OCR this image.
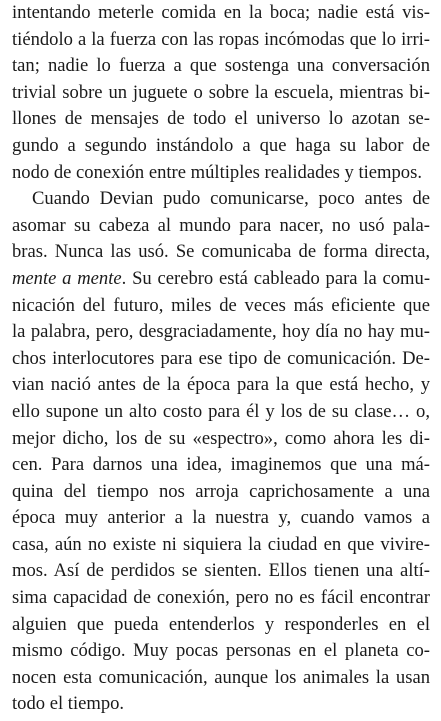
intentando meterle comida en la boca; nadie está vis-
tiéndolo a la fuerza con las ropas incómodas que lo irri-
tan; nadie lo fuerza a que sostenga una conversación
trivial sobre un juguete o sobre la escuela, mientras bi-
llones de mensajes de todo el universo lo azotan se-
gundo a segundo instándolo a que haga su labor de
nodo de conexión entre múltiples realidades y tiempos.
Cuando Devian pudo comunicarse, poco antes de
asomar su cabeza al mundo para nacer, no usó pala-
bras. Nunca las usó. Se comunicaba de forma directa,
mente a mente. Su cerebro está cableado para la comu-
nicación del futuro, miles de veces más eficiente que
la palabra, pero, desgraciadamente, hoy día no hay mu-
chos interlocutores para ese tipo de comunicación. De-
vian nació antes de la época para la que está hecho, y
ello supone un alto costo para él y los de su clase… o,
mejor dicho, los de su «espectro», como ahora les di-
cen. Para darnos una idea, imaginemos que una má-
quina del tiempo nos arroja caprichosamente a una
época muy anterior a la nuestra y, cuando vamos a
casa, aún no existe ni siquiera la ciudad en que vivire-
mos. Así de perdidos se sienten. Ellos tienen una altí-
sima capacidad de conexión, pero no es fácil encontrar
alguien que pueda entenderlos y responderles en el
mismo código. Muy pocas personas en el planeta co-
nocen esta comunicación, aunque los animales la usan
todo el tiempo.
